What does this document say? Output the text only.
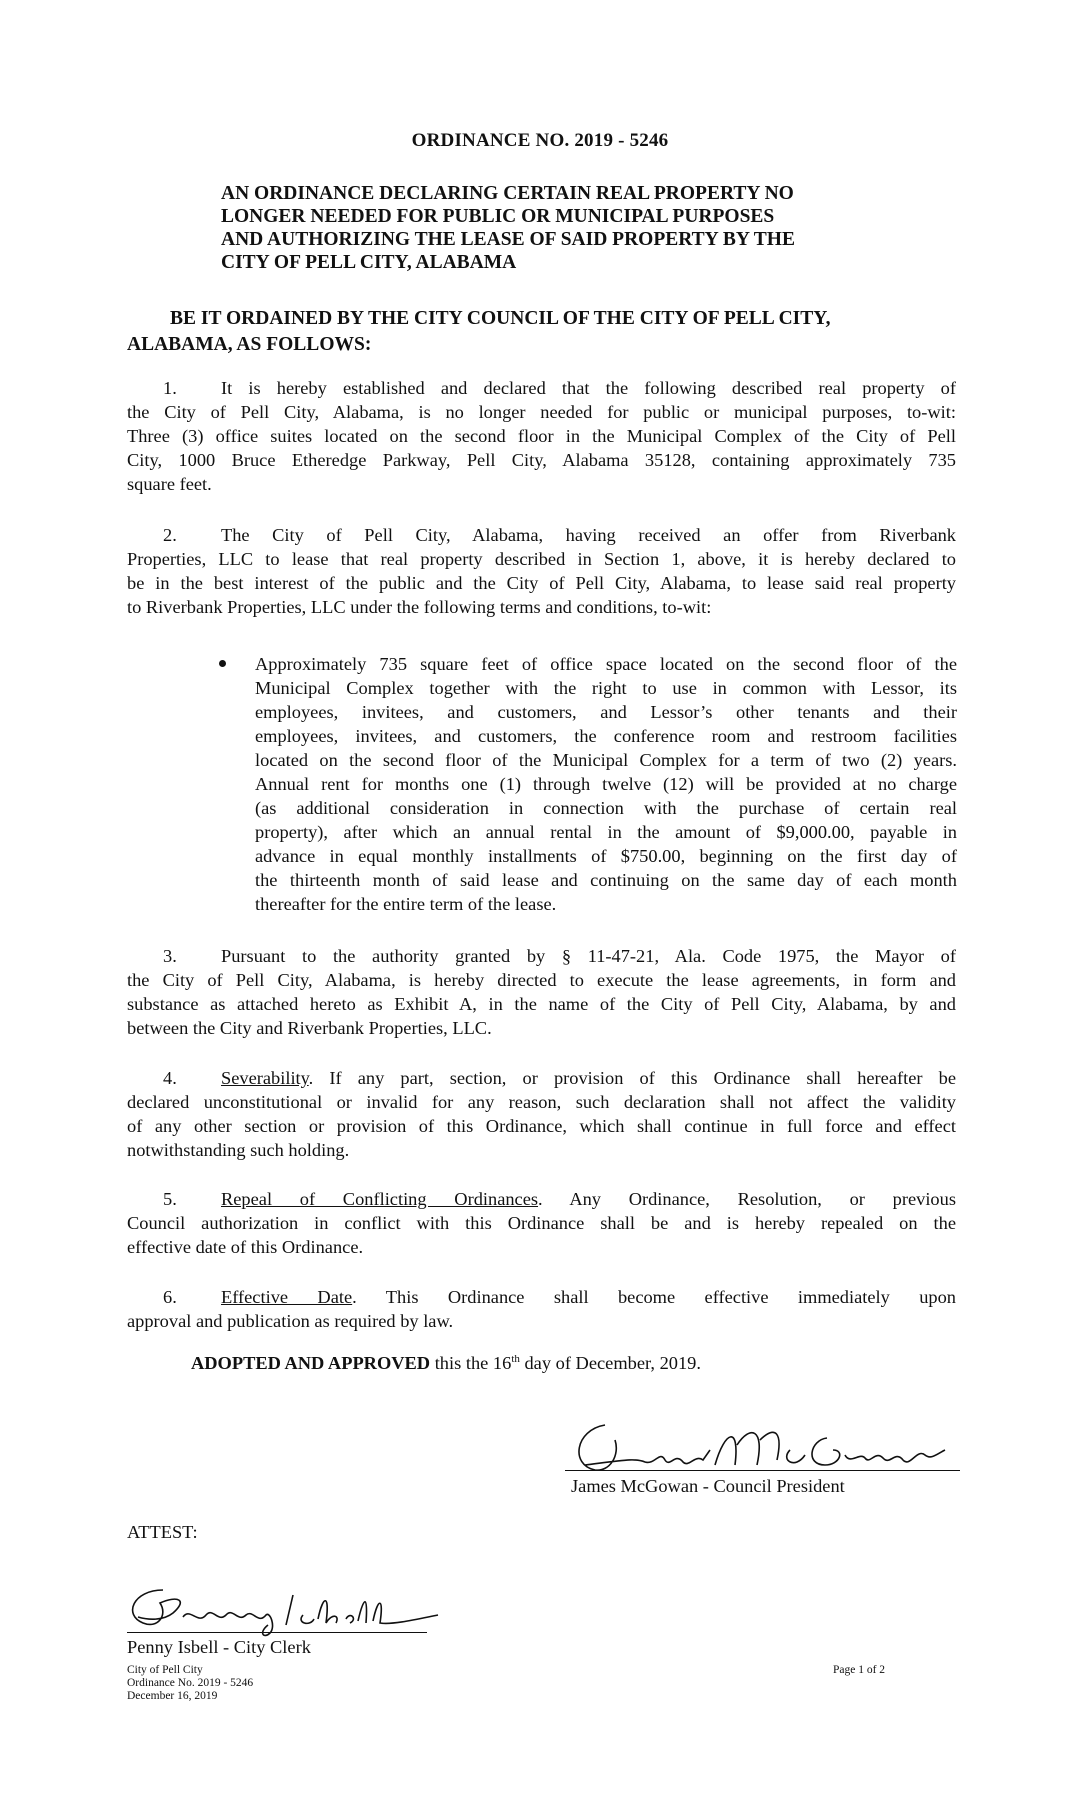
ORDINANCE NO. 2019 - 5246
AN ORDINANCE DECLARING CERTAIN REAL PROPERTY NO
LONGER NEEDED FOR PUBLIC OR MUNICIPAL PURPOSES
AND AUTHORIZING THE LEASE OF SAID PROPERTY BY THE
CITY OF PELL CITY, ALABAMA
BE IT ORDAINED BY THE CITY COUNCIL OF THE CITY OF PELL CITY,
ALABAMA, AS FOLLOWS:
1. It is hereby established and declared that the following described real property of
the City of Pell City, Alabama, is no longer needed for public or municipal purposes, to-wit:
Three (3) office suites located on the second floor in the Municipal Complex of the City of Pell
City, 1000 Bruce Etheredge Parkway, Pell City, Alabama 35128, containing approximately 735
square feet.
2. The City of Pell City, Alabama, having received an offer from Riverbank
Properties, LLC to lease that real property described in Section 1, above, it is hereby declared to
be in the best interest of the public and the City of Pell City, Alabama, to lease said real property
to Riverbank Properties, LLC under the following terms and conditions, to-wit:
Approximately 735 square feet of office space located on the second floor of the
Municipal Complex together with the right to use in common with Lessor, its
employees, invitees, and customers, and Lessor’s other tenants and their
employees, invitees, and customers, the conference room and restroom facilities
located on the second floor of the Municipal Complex for a term of two (2) years.
Annual rent for months one (1) through twelve (12) will be provided at no charge
(as additional consideration in connection with the purchase of certain real
property), after which an annual rental in the amount of $9,000.00, payable in
advance in equal monthly installments of $750.00, beginning on the first day of
the thirteenth month of said lease and continuing on the same day of each month
thereafter for the entire term of the lease.
3. Pursuant to the authority granted by § 11-47-21, Ala. Code 1975, the Mayor of
the City of Pell City, Alabama, is hereby directed to execute the lease agreements, in form and
substance as attached hereto as Exhibit A, in the name of the City of Pell City, Alabama, by and
between the City and Riverbank Properties, LLC.
4. Severability. If any part, section, or provision of this Ordinance shall hereafter be
declared unconstitutional or invalid for any reason, such declaration shall not affect the validity
of any other section or provision of this Ordinance, which shall continue in full force and effect
notwithstanding such holding.
5. Repeal of Conflicting Ordinances. Any Ordinance, Resolution, or previous
Council authorization in conflict with this Ordinance shall be and is hereby repealed on the
effective date of this Ordinance.
6. Effective Date. This Ordinance shall become effective immediately upon
approval and publication as required by law.
ADOPTED AND APPROVED this the 16th day of December, 2019.
James McGowan - Council President
ATTEST:
Penny Isbell - City Clerk
City of Pell City
Ordinance No. 2019 - 5246
December 16, 2019
Page 1 of 2
